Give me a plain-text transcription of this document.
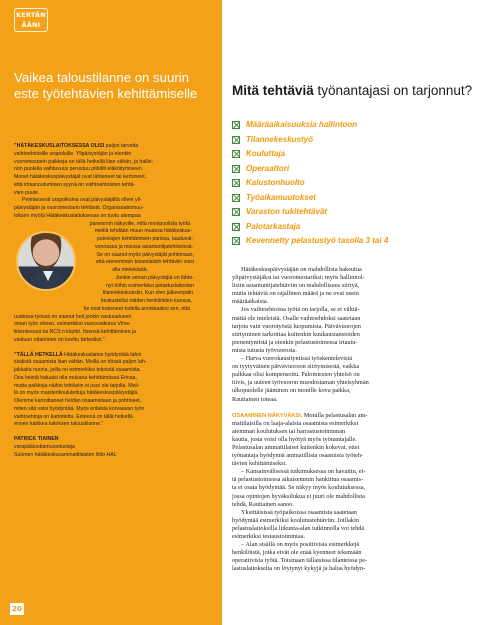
KERTÄN
ÄÄNI
Vaikea taloustilanne on suurin este työtehtävien kehittämiselle

”HÄTÄKESKUSLAITOKSESSA OLISI paljon tarvetta

vaihtoehtoisille urapoluille. Ylipäivystäjän ja etenkin

vuoromestarin paikkoja on tällä hetkellä liian vähän, ja hallin-

non puolella vaihtuvuus perustuu pitkälti eläköitymiseen.

Monet hätäkeskuspäivystäjät ovat lähteneet tai kertoneet,

että irtisanoutumisen syynä on vaihtoehtoisten tehtä-

vien puute.

Perinteisesti urapolkuina ovat päivystäjältä olleet yli-

päivystäjän ja vuoromestarin tehtävät. Organisaatiomuu-

toksen myötä Hätäkeskuslaitoksessa on tuotu aiempaa

paremmin näkyville, mitä monipuolista työtä

meillä tehdään muun muassa hätäkeskus-

palvelujen kehittämisen parissa, laaduval-

vonnassa ja muissa asiantuntijatehtävissä.

Se on saanut myös päivystäjät pohtimaan,

että eteneminen toisenlaisiin tehtäviin voisi

olla mielekästä.

Jonkin verran päivystäjiä on lähte-

nyt töihin esimerkiksi pelastuslaitosten

tilannekeskuksiin. Kun olen jälkeenpäin

keskustellut näiden henkilöiden kanssa,

he ovat kokeneet todella arvokkaaksi sen, että

uudessa työssä on saanut heti jonkin vastuualueen

oman työn oheen, esimerkiksi vuorovaikutus Virve-

liikenteessä tai RCS:n käyttö. Itsensä kehittäminen ja

vastuun ottaminen on koettu tärkeäksi.”

”TÄLLÄ HETKELLÄ Hätäkeskuslaitos hyödyntää talon

sisäistä osaamista liian vähän. Meillä on töissä paljon lah-

jakkaita nuoria, joilla on esimerkiksi teknistä osaamista.

Osa heistä haluaisi olla mukana kehittämässä Ericaa,

mutta paikkoja näihin tehtäviin ei juuri ole tarjolla. Meil-

lä on myös maisterikoulutettuja hätäkeskuspäivystäjiä.

Olemme kartoittaneet heidän osaamistaan ja pohtineet,

miten sitä voisi hyödyntää. Myös erilaisia korvaavan työn

vaihtoehtoja on kartoitettu. Esteenä on tällä hetkellä

ennen kaikkea laitoksen taloustilanne.”

PATRICK TIAINEN

varapääluottamusedustaja

Suomen hätäkeskusammattilaisten liitto HAL

20
Mitä tehtäviä työnantajasi on tarjonnut?
Määräaikaisuuksia hallintoon
Tilannekeskustyö
Kouluttaja
Operaattori
Kalustonhuolto
Työaikamuutokset
Varaston tukitehtävät
Palotarkastaja
Kevennetty pelastustyö tasolla 3 tai 4

Hätäkeskuspäivystäjän on mahdollista hakeutua

ylipäivystäjäksi tai vuoromestariksi; myös hallinnol-

lisiin asiantuntijatehtäviin on mahdollisuus siirtyä,

mutta tehtäviä on rajallinen määrä ja ne ovat usein

määräaikaisia.

Jos vaihtoehtoista työtä on tarjolla, se ei välttä-

mättä ole mieleistä. Osalle vaihtoehdoksi saatetaan

tarjota vain vuorotyöstä luopumista. Päivävuorojen

siirtyminen tarkoittaa kuitenkin kuukausiansioiden

pienentymistä ja etenkin pelastustoimessa irtautu-

mista tutusta työvuorosta.

– Harva vuorokausityntissä työskentelevistä

on tyytyväinen päivävuoroon siirtymisestä, vaikka

palkkaa olisi kompensoitu. Palomiesten yhteisö on

tiivis, ja uuteen työvuoron muodostaman yhteisyhmän

ulkopuolelle jääminen on monille kova paikka,

Rautiainen toteaa.

OSAAMINEN NÄKYVÄKSI. Monilla pelastusalan am-

mattilaisilla on laaja-alaista osaamista esimerkiksi

aiemman koulutuksen tai harrastustoiminnan

kautta, josta voisi olla hyötyä myös työnantajalle.

Pelastusalan ammattilaiset kuitenkin kokevat, ettei

työnantaja hyödynnä ammatillista osaamista työteh-

tävien kehittämiseksi.

– Kansainvälisessä tutkimuksessa on havaittu, et-

tä pelastustoimessa aikaisemmin hankittua osaamis-

ta ei osata hyödyntää. Se näkyy myös koulutuksessa,

jossa opintojen hyväksilukua ei juuri ole mahdollista

tehdä, Rautiainen sanoo.

Yksittäisissä työpaikoissa osaamista saatetaan

hyödyntää esimerkiksi koulutustehtäviin. Joillakin

pelastuslaitoksilla liikunta-alan tutkinnolla voi tehdä

esimerkiksi testaustoimintaa.

– Alan sisällä on myös positiivisia esimerkkejä

henkilöistä, jotka eivät ole enää kyenneet tekemään

operatiivista työtä. Toisinaan tällaisissa tilanteissa pe-

lastuslaitokselta on löytynyt kykyjä ja halua hyödyn-
